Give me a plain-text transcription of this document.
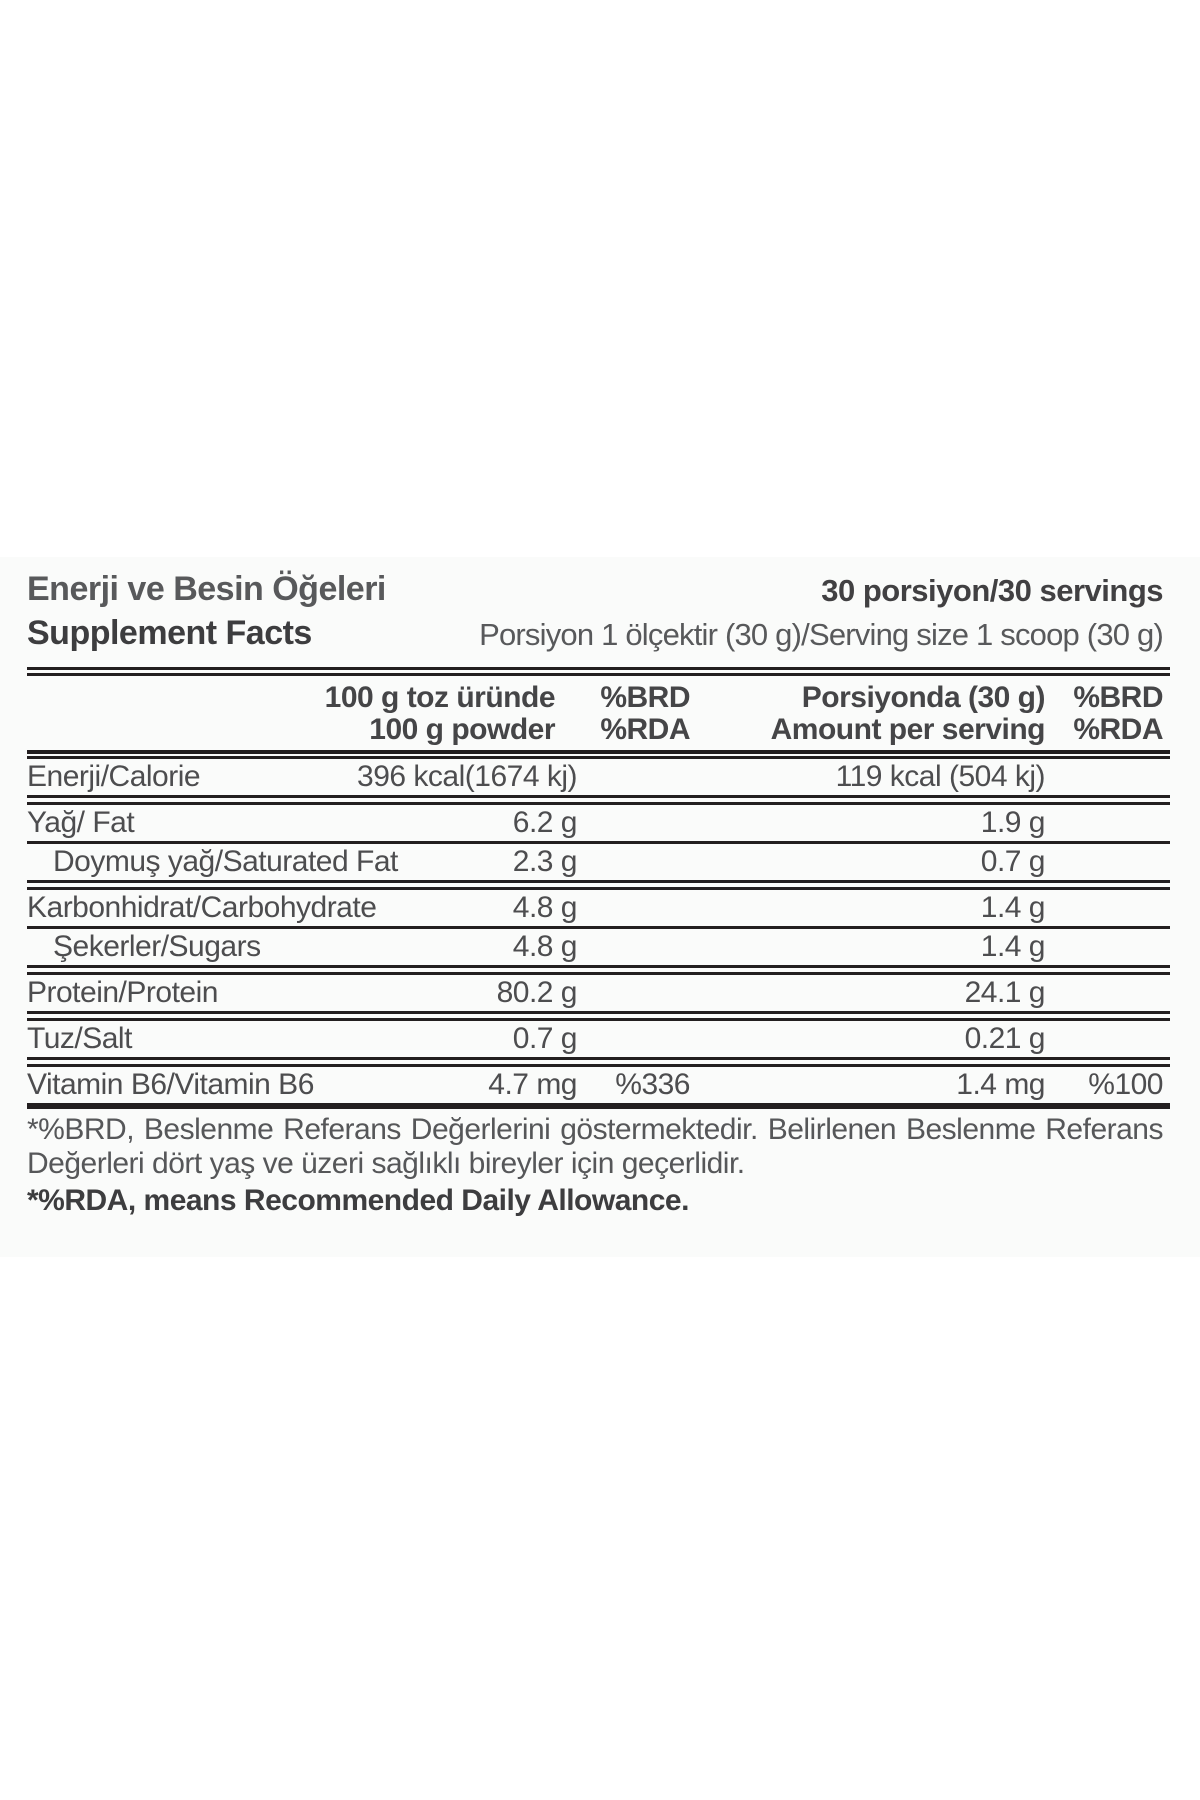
Enerji ve Besin Öğeleri	30 porsiyon/30 servings
Supplement Facts	Porsiyon 1 ölçektir (30 g)/Serving size 1 scoop (30 g)
100 g toz üründe %BRD	Porsiyonda (30 g) %BRD
100 g powder %RDA	Amount per serving %RDA
Enerji/Calorie	396 kcal(1674 kj)	119 kcal (504 kj)
Yağ/ Fat	6.2 g	1.9 g
Doymuş yağ/Saturated Fat	2.3 g	0.7 g
Karbonhidrat/Carbohydrate	4.8 g	1.4 g
Şekerler/Sugars	4.8 g	1.4 g
Protein/Protein	80.2 g	24.1 g
Tuz/Salt	0.7 g	0.21 g
Vitamin B6/Vitamin B6	4.7 mg %336	1.4 mg %100
*%BRD, Beslenme Referans Değerlerini göstermektedir. Belirlenen Beslenme Referans Değerleri dört yaş ve üzeri sağlıklı bireyler için geçerlidir.
*%RDA, means Recommended Daily Allowance.
